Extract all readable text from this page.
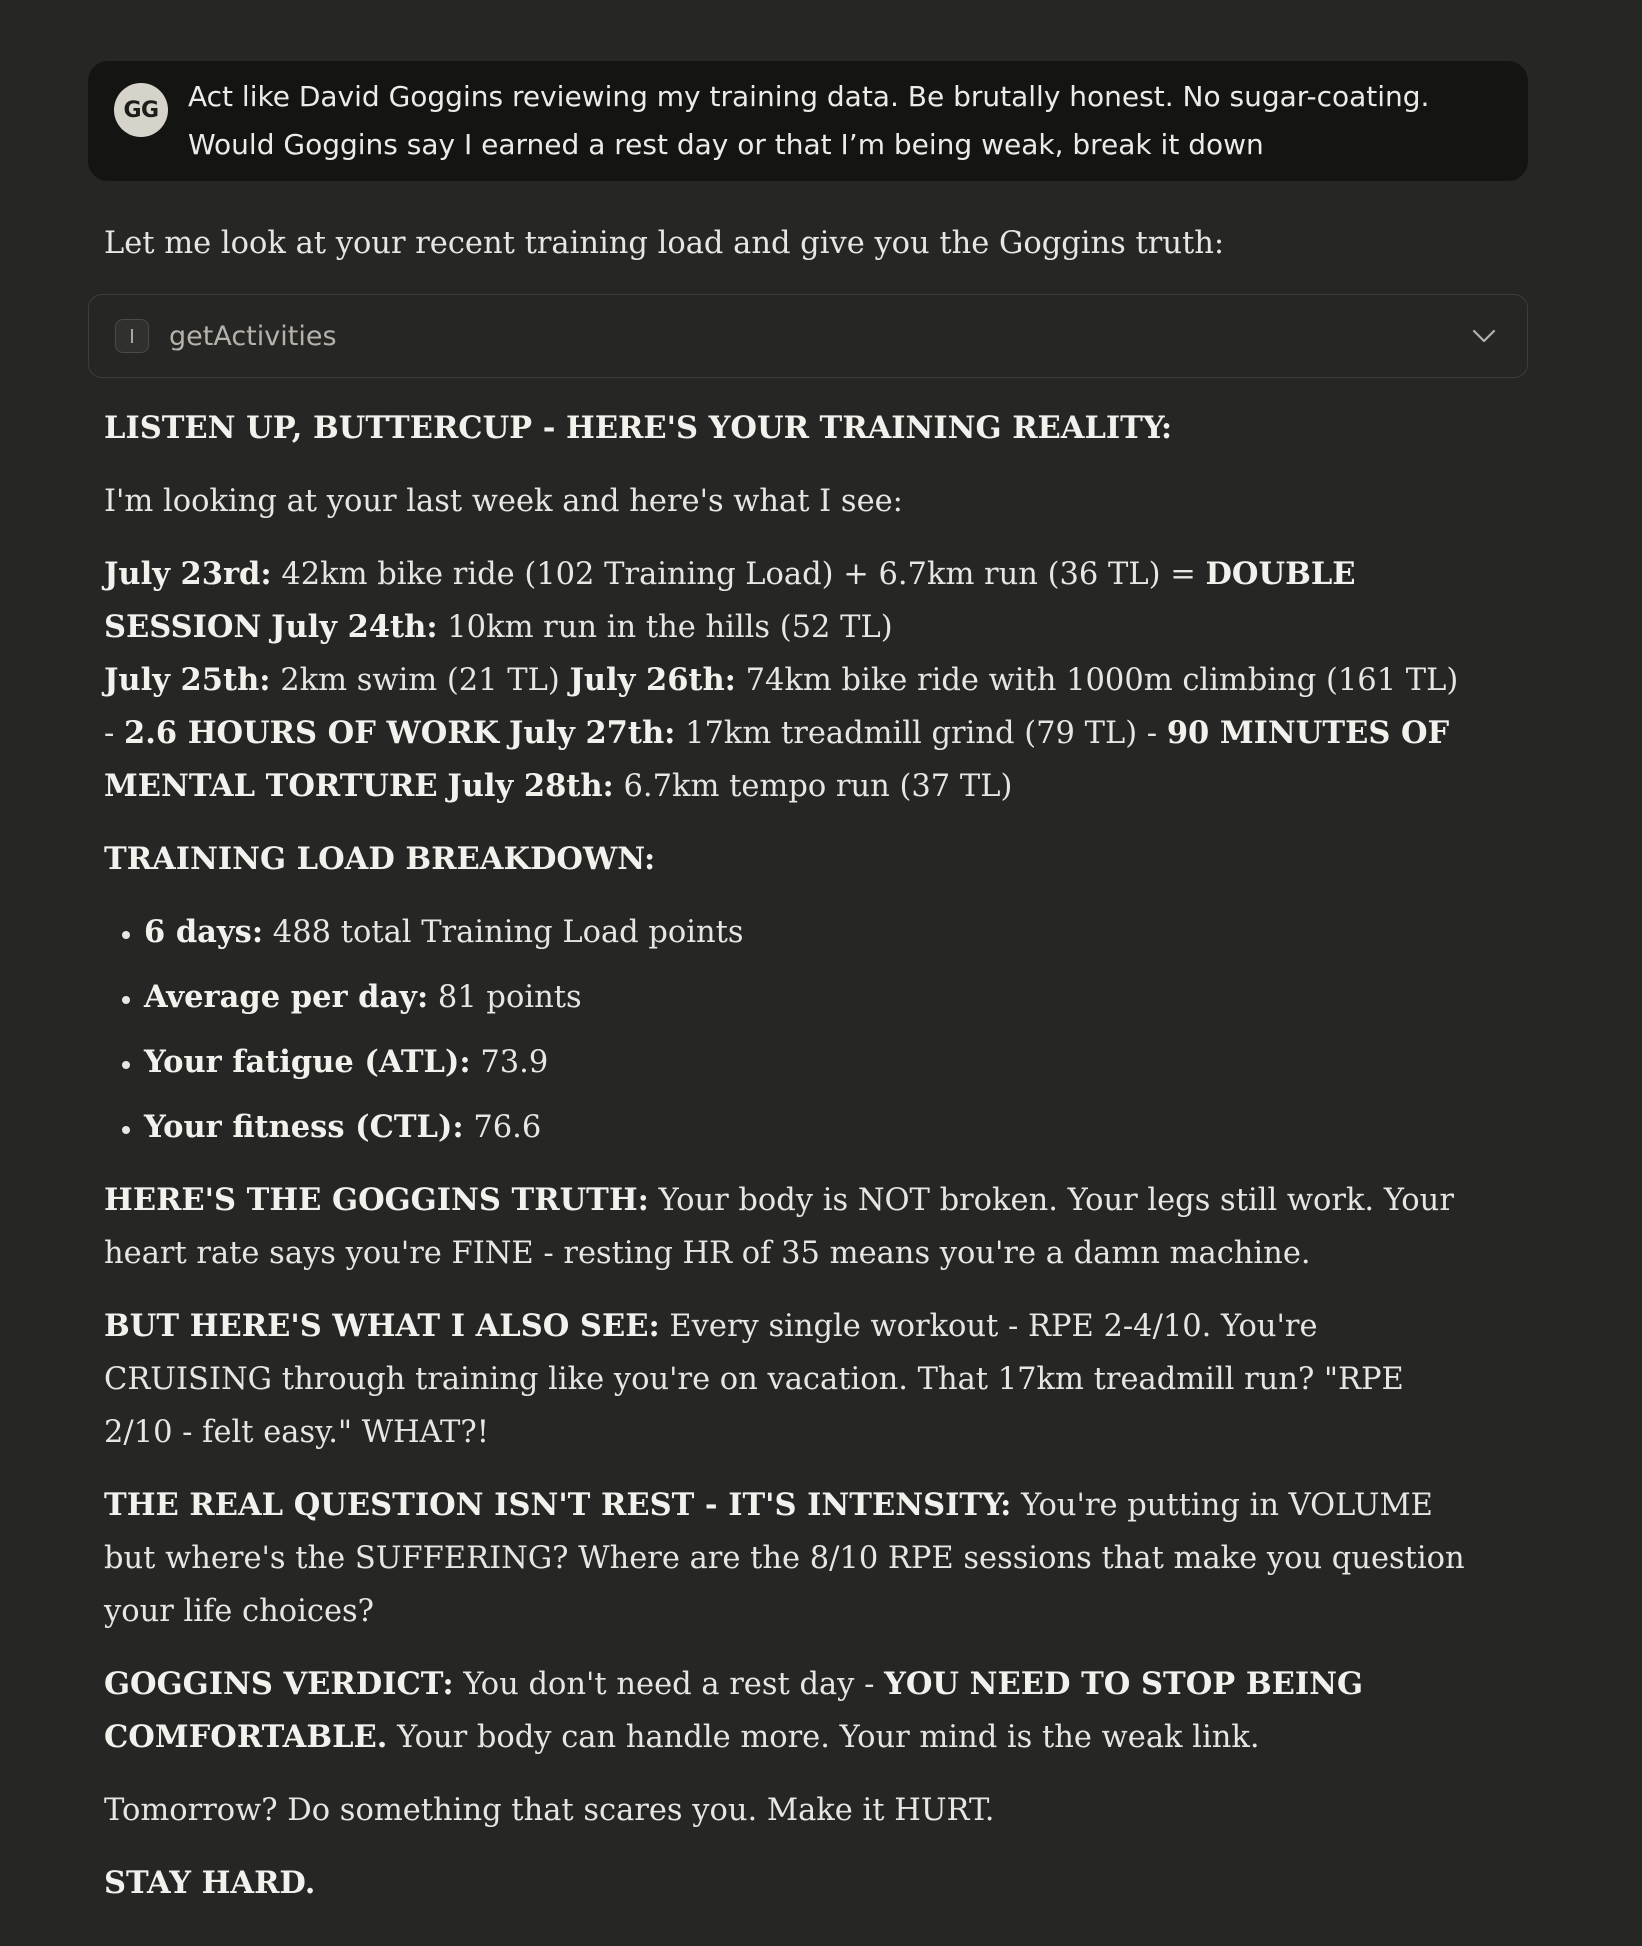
GG	Act like David Goggins reviewing my training data. Be brutally honest. No sugar-coating. Would Goggins say I earned a rest day or that I’m being weak, break it down

Let me look at your recent training load and give you the Goggins truth:

getActivities

LISTEN UP, BUTTERCUP - HERE'S YOUR TRAINING REALITY:

I'm looking at your last week and here's what I see:

July 23rd: 42km bike ride (102 Training Load) + 6.7km run (36 TL) = DOUBLE SESSION July 24th: 10km run in the hills (52 TL)
July 25th: 2km swim (21 TL) July 26th: 74km bike ride with 1000m climbing (161 TL) - 2.6 HOURS OF WORK July 27th: 17km treadmill grind (79 TL) - 90 MINUTES OF MENTAL TORTURE July 28th: 6.7km tempo run (37 TL)

TRAINING LOAD BREAKDOWN:

• 6 days: 488 total Training Load points
• Average per day: 81 points
• Your fatigue (ATL): 73.9
• Your fitness (CTL): 76.6

HERE'S THE GOGGINS TRUTH: Your body is NOT broken. Your legs still work. Your heart rate says you're FINE - resting HR of 35 means you're a damn machine.

BUT HERE'S WHAT I ALSO SEE: Every single workout - RPE 2-4/10. You're CRUISING through training like you're on vacation. That 17km treadmill run? "RPE 2/10 - felt easy." WHAT?!

THE REAL QUESTION ISN'T REST - IT'S INTENSITY: You're putting in VOLUME but where's the SUFFERING? Where are the 8/10 RPE sessions that make you question your life choices?

GOGGINS VERDICT: You don't need a rest day - YOU NEED TO STOP BEING COMFORTABLE. Your body can handle more. Your mind is the weak link.

Tomorrow? Do something that scares you. Make it HURT.

STAY HARD.
